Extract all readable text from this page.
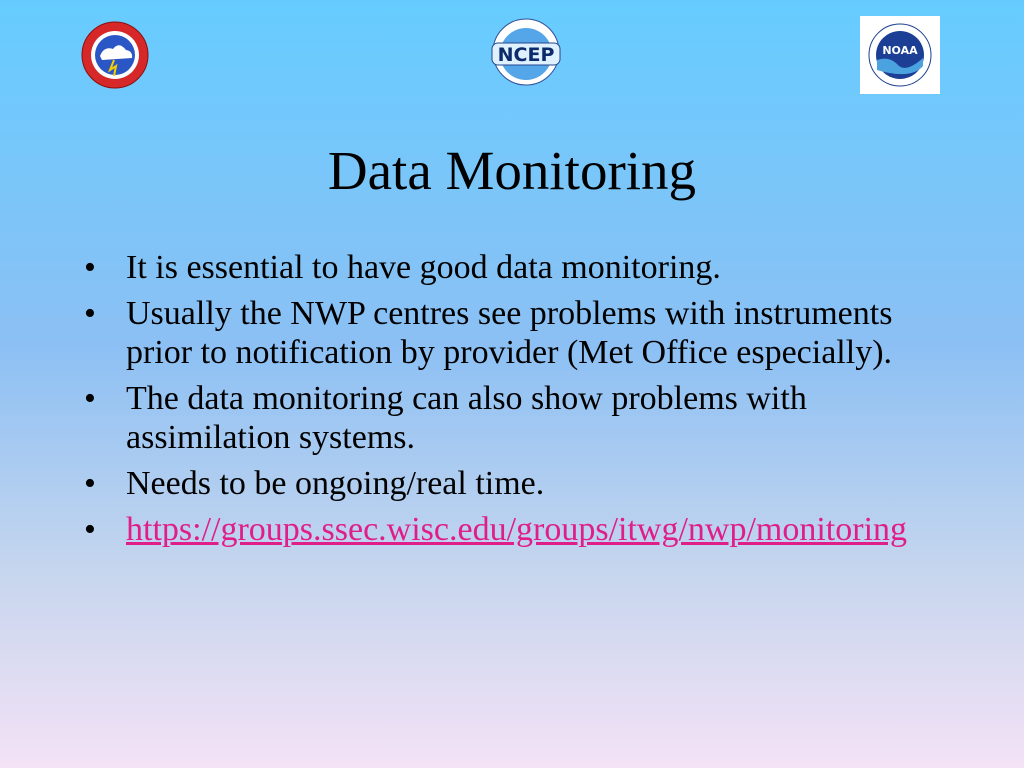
NCEP	NOAA
Data Monitoring
• It is essential to have good data monitoring.
• Usually the NWP centres see problems with instruments prior to notification by provider (Met Office especially).
• The data monitoring can also show problems with assimilation systems.
• Needs to be ongoing/real time.
• https://groups.ssec.wisc.edu/groups/itwg/nwp/monitoring
